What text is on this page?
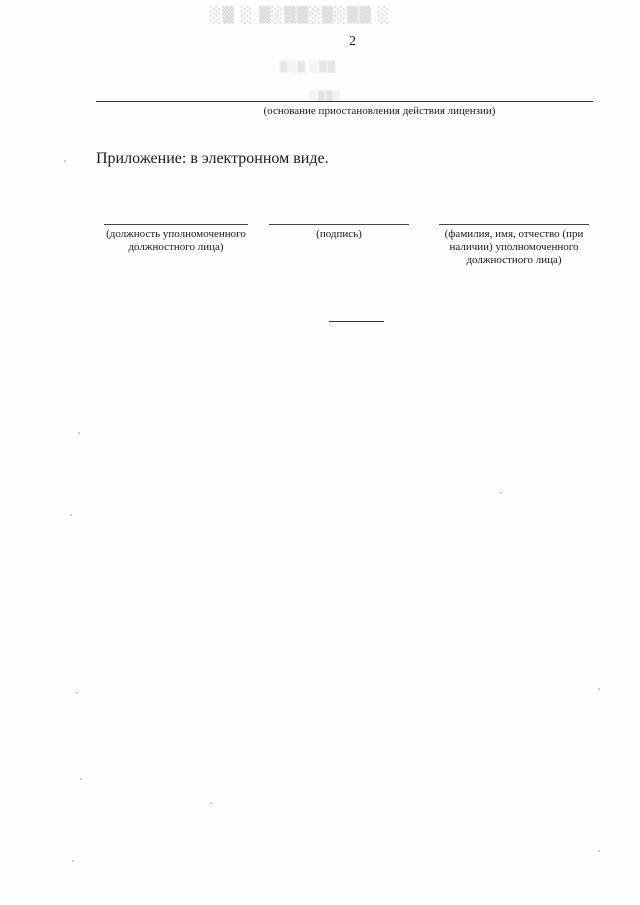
░▒ ░ ▒░▒▒░▒░▒▒ ░
▒░▒ ░▒▒
░▒▒░
2
(основание приостановления действия лицензии)
Приложение: в электронном виде.
(должность уполномоченного должностного лица)
(подпись)	(фамилия, имя, отчество (при наличии) уполномоченного должностного лица)
